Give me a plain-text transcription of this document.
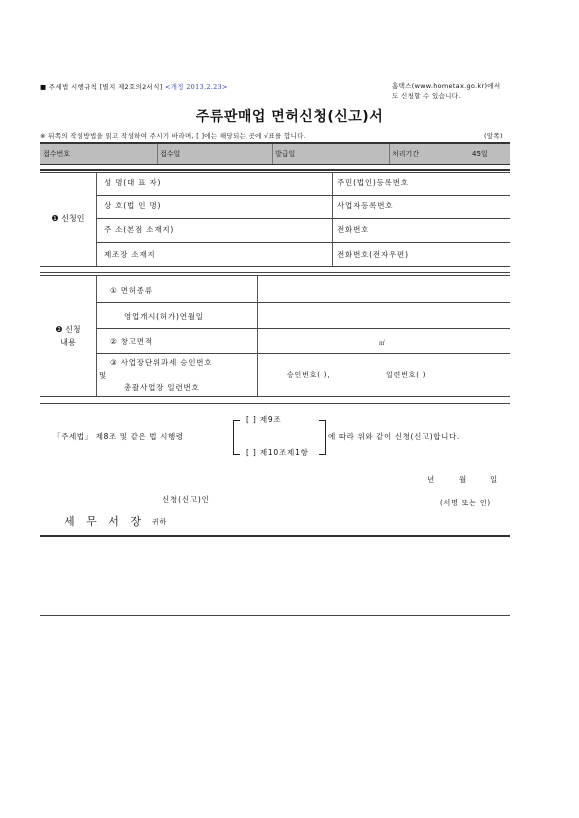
■ 주세법 시행규칙 [별지 제2호의2서식] <개정 2013.2.23>	홈택스(www.hometax.go.kr)에서
도 신청할 수 있습니다.
주류판매업 면허신청(신고)서
※ 뒤쪽의 작성방법을 읽고 작성하여 주시기 바라며, [ ]에는 해당되는 곳에 √표를 합니다.	(앞쪽)
접수번호	접수일	발급일	처리기간	45일
❶ 신청인
성 명(대 표 자)	주민(법인)등록번호
상 호(법 인 명)	사업자등록번호
주 소(본점 소재지)	전화번호
제조장 소재지	전화번호(전자우편)
❷ 신청
내용
① 면허종류
영업개시(허가)연월일
② 창고면적	㎡
③ 사업장단위과세 승인번호
및
총괄사업장 일련번호
승인번호( ),	일련번호( )
「주세법」 제8조 및 같은 법 시행령
[ ] 제9조
[ ] 제10조제1항
에 따라 위와 같이 신청(신고)합니다.
년	월	일
신청(신고)인	(서명 또는 인)
세 무 서 장 귀하
